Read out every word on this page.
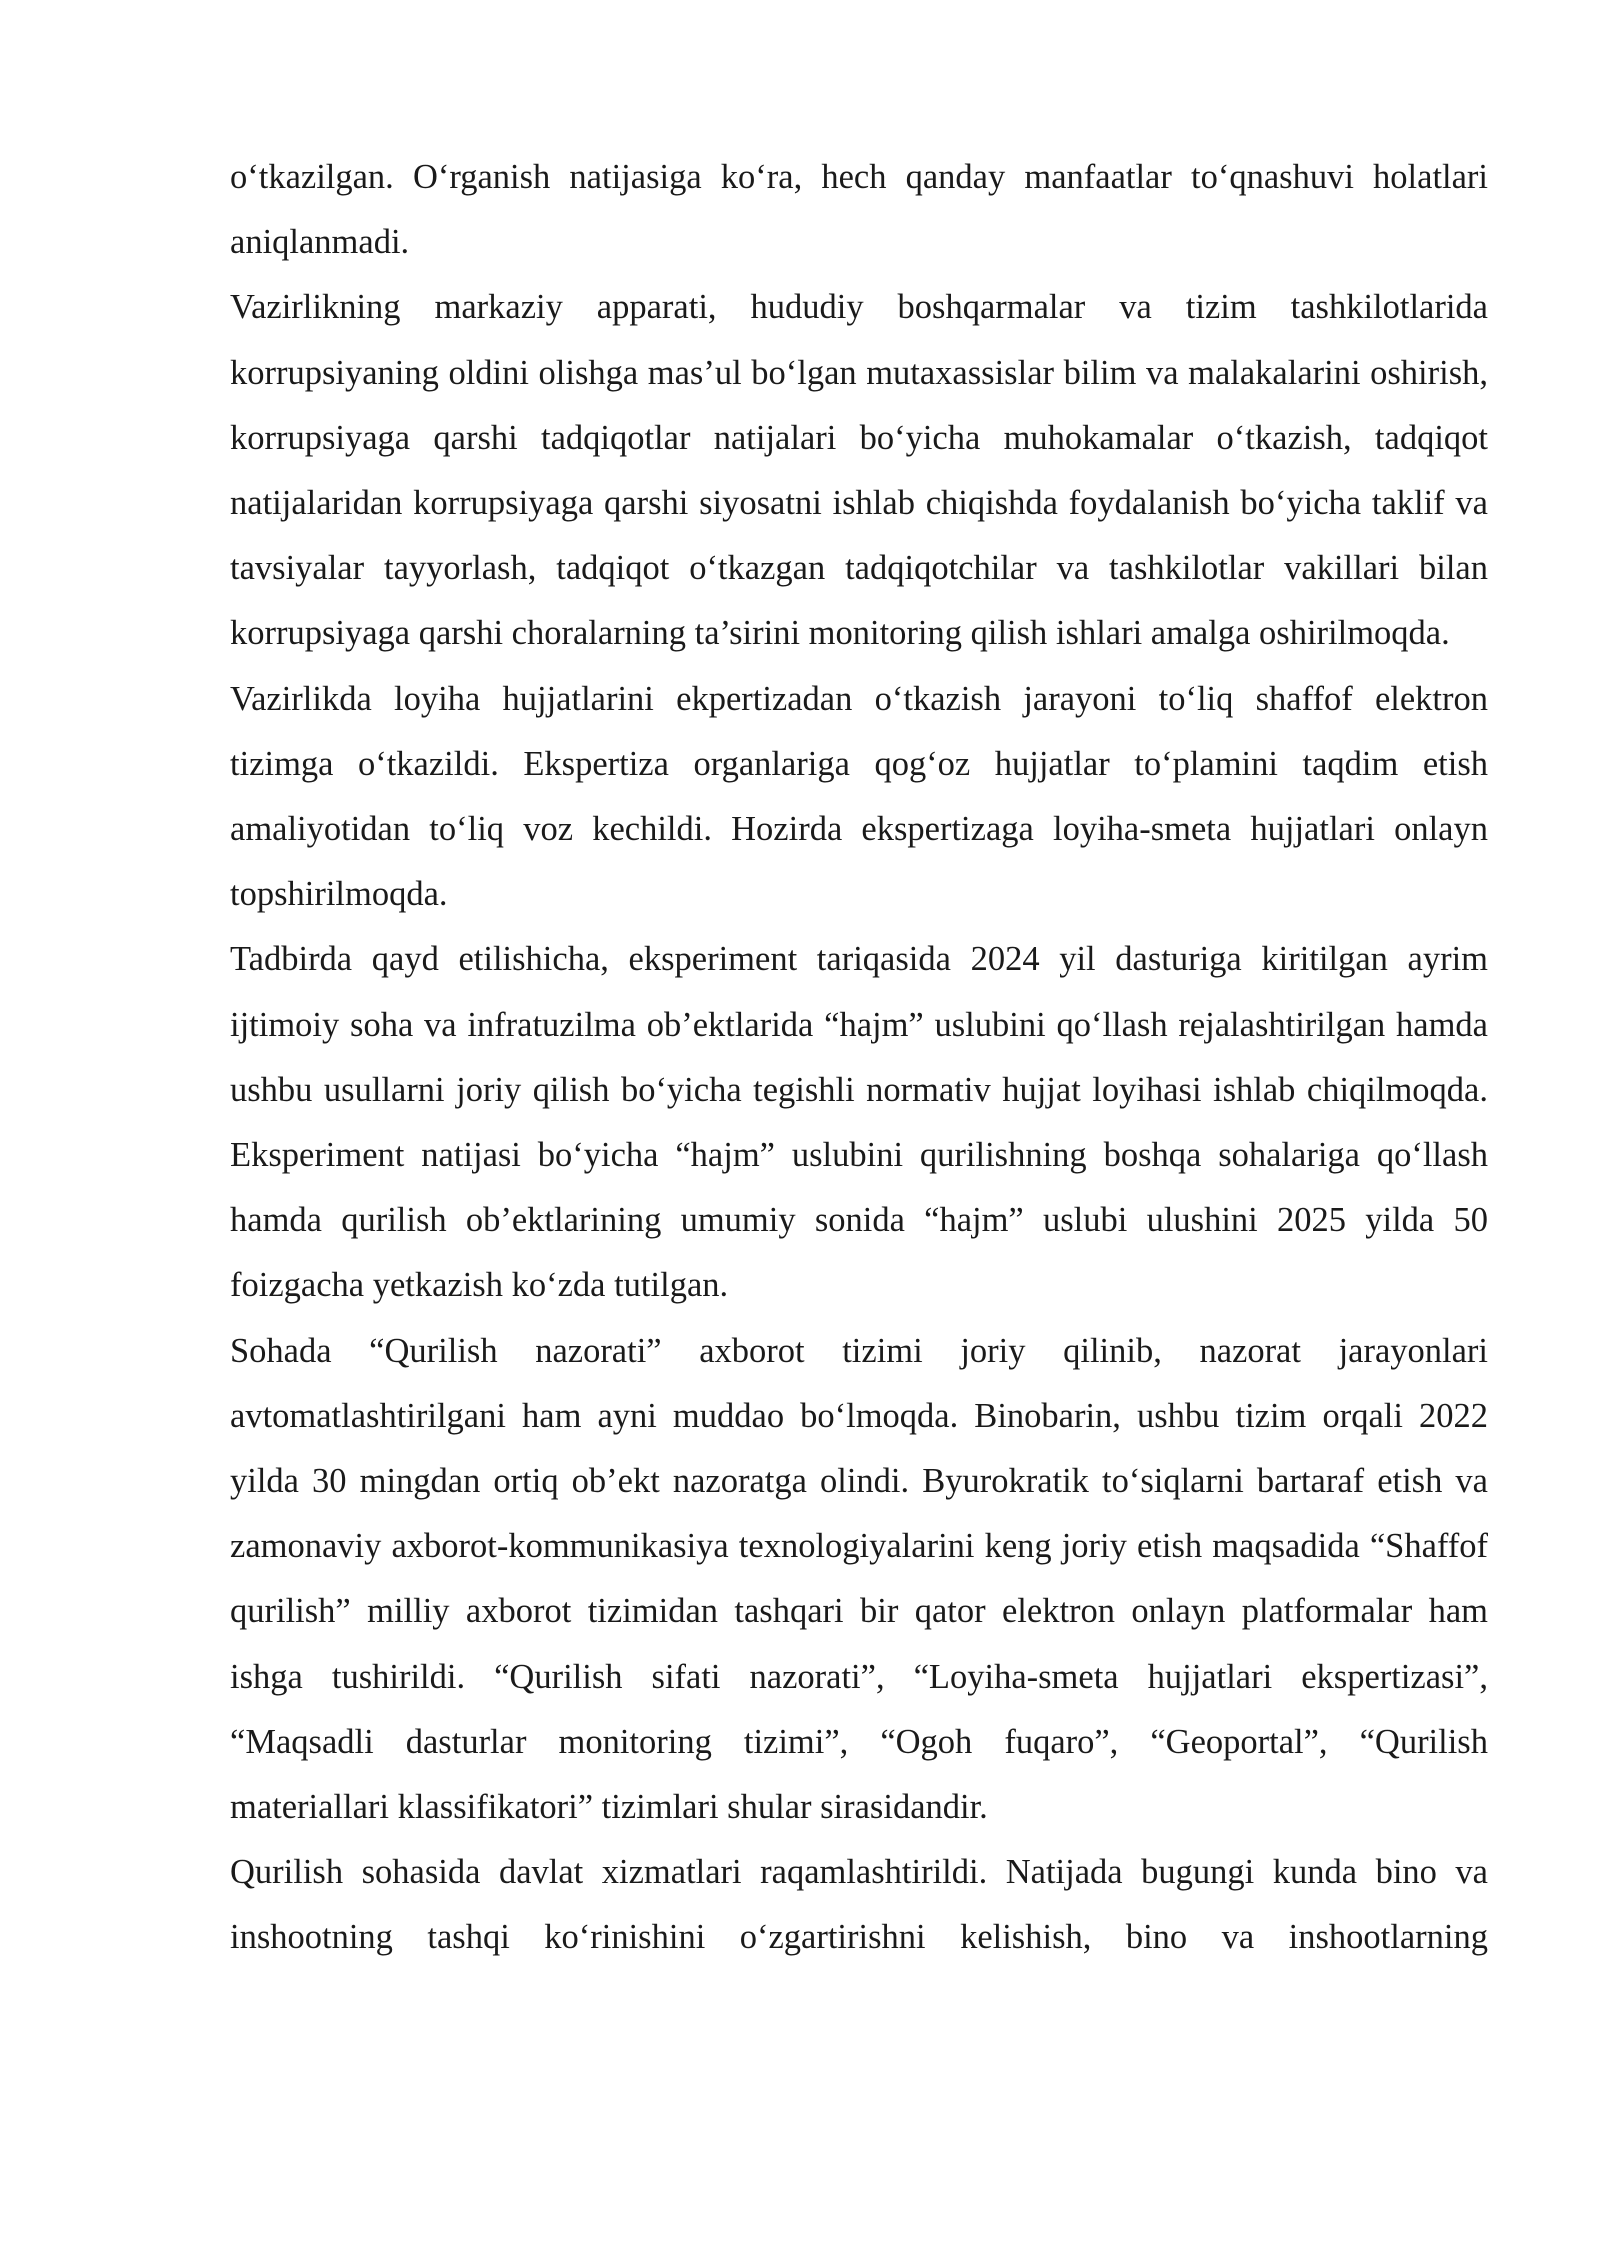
o‘tkazilgan. O‘rganish natijasiga ko‘ra, hech qanday manfaatlar to‘qnashuvi holatlari aniqlanmadi.

Vazirlikning markaziy apparati, hududiy boshqarmalar va tizim tashkilotlarida korrupsiyaning oldini olishga mas’ul bo‘lgan mutaxassislar bilim va malakalarini oshirish, korrupsiyaga qarshi tadqiqotlar natijalari bo‘yicha muhokamalar o‘tkazish, tadqiqot natijalaridan korrupsiyaga qarshi siyosatni ishlab chiqishda foydalanish bo‘yicha taklif va tavsiyalar tayyorlash, tadqiqot o‘tkazgan tadqiqotchilar va tashkilotlar vakillari bilan korrupsiyaga qarshi choralarning ta’sirini monitoring qilish ishlari amalga oshirilmoqda.

Vazirlikda loyiha hujjatlarini ekpertizadan o‘tkazish jarayoni to‘liq shaffof elektron tizimga o‘tkazildi. Ekspertiza organlariga qog‘oz hujjatlar to‘plamini taqdim etish amaliyotidan to‘liq voz kechildi. Hozirda ekspertizaga loyiha-smeta hujjatlari onlayn topshirilmoqda.

Tadbirda qayd etilishicha, eksperiment tariqasida 2024 yil dasturiga kiritilgan ayrim ijtimoiy soha va infratuzilma ob’ektlarida “hajm” uslubini qo‘llash rejalashtirilgan hamda ushbu usullarni joriy qilish bo‘yicha tegishli normativ hujjat loyihasi ishlab chiqilmoqda. Eksperiment natijasi bo‘yicha “hajm” uslubini qurilishning boshqa sohalariga qo‘llash hamda qurilish ob’ektlarining umumiy sonida “hajm” uslubi ulushini 2025 yilda 50 foizgacha yetkazish ko‘zda tutilgan.

Sohada “Qurilish nazorati” axborot tizimi joriy qilinib, nazorat jarayonlari avtomatlashtirilgani ham ayni muddao bo‘lmoqda. Binobarin, ushbu tizim orqali 2022 yilda 30 mingdan ortiq ob’ekt nazoratga olindi. Byurokratik to‘siqlarni bartaraf etish va zamonaviy axborot-kommunikasiya texnologiyalarini keng joriy etish maqsadida “Shaffof qurilish” milliy axborot tizimidan tashqari bir qator elektron onlayn platformalar ham ishga tushirildi. “Qurilish sifati nazorati”, “Loyiha-smeta hujjatlari ekspertizasi”, “Maqsadli dasturlar monitoring tizimi”, “Ogoh fuqaro”, “Geoportal”, “Qurilish materiallari klassifikatori” tizimlari shular sirasidandir.

Qurilish sohasida davlat xizmatlari raqamlashtirildi. Natijada bugungi kunda bino va inshootning tashqi ko‘rinishini o‘zgartirishni kelishish, bino va inshootlarning
